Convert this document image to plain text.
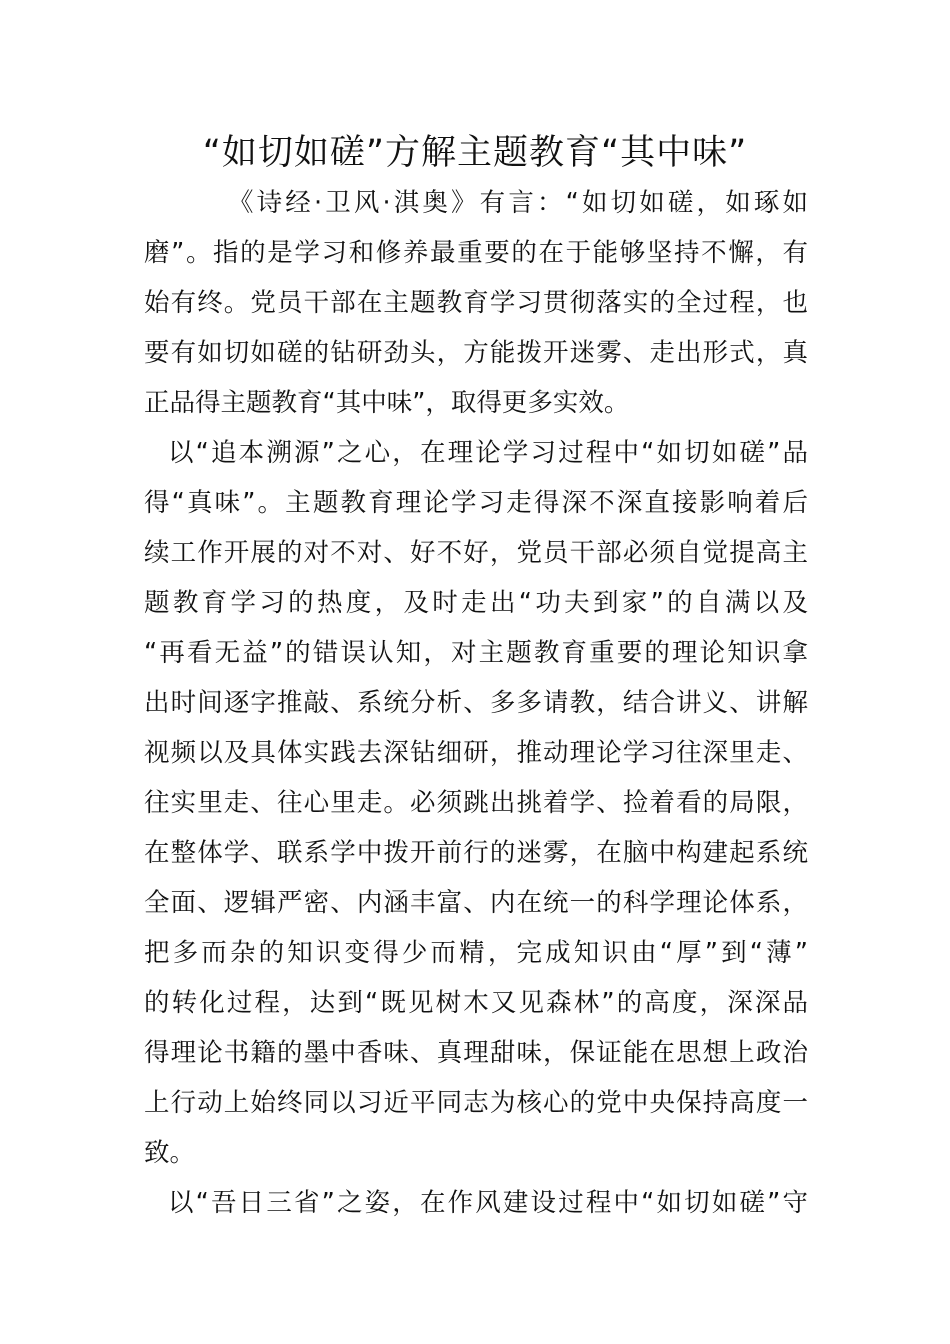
“如切如磋”方解主题教育“其中味”
《诗经·卫风·淇奥》有言：“如切如磋，如琢如
磨”。指的是学习和修养最重要的在于能够坚持不懈，有
始有终。党员干部在主题教育学习贯彻落实的全过程，也
要有如切如磋的钻研劲头，方能拨开迷雾、走出形式，真
正品得主题教育“其中味”，取得更多实效。
以“追本溯源”之心，在理论学习过程中“如切如磋”品
得“真味”。主题教育理论学习走得深不深直接影响着后
续工作开展的对不对、好不好，党员干部必须自觉提高主
题教育学习的热度，及时走出“功夫到家”的自满以及
“再看无益”的错误认知，对主题教育重要的理论知识拿
出时间逐字推敲、系统分析、多多请教，结合讲义、讲解
视频以及具体实践去深钻细研，推动理论学习往深里走、
往实里走、往心里走。必须跳出挑着学、捡着看的局限，
在整体学、联系学中拨开前行的迷雾，在脑中构建起系统
全面、逻辑严密、内涵丰富、内在统一的科学理论体系，
把多而杂的知识变得少而精，完成知识由“厚”到“薄”
的转化过程，达到“既见树木又见森林”的高度，深深品
得理论书籍的墨中香味、真理甜味，保证能在思想上政治
上行动上始终同以习近平同志为核心的党中央保持高度一
致。
以“吾日三省”之姿，在作风建设过程中“如切如磋”守
